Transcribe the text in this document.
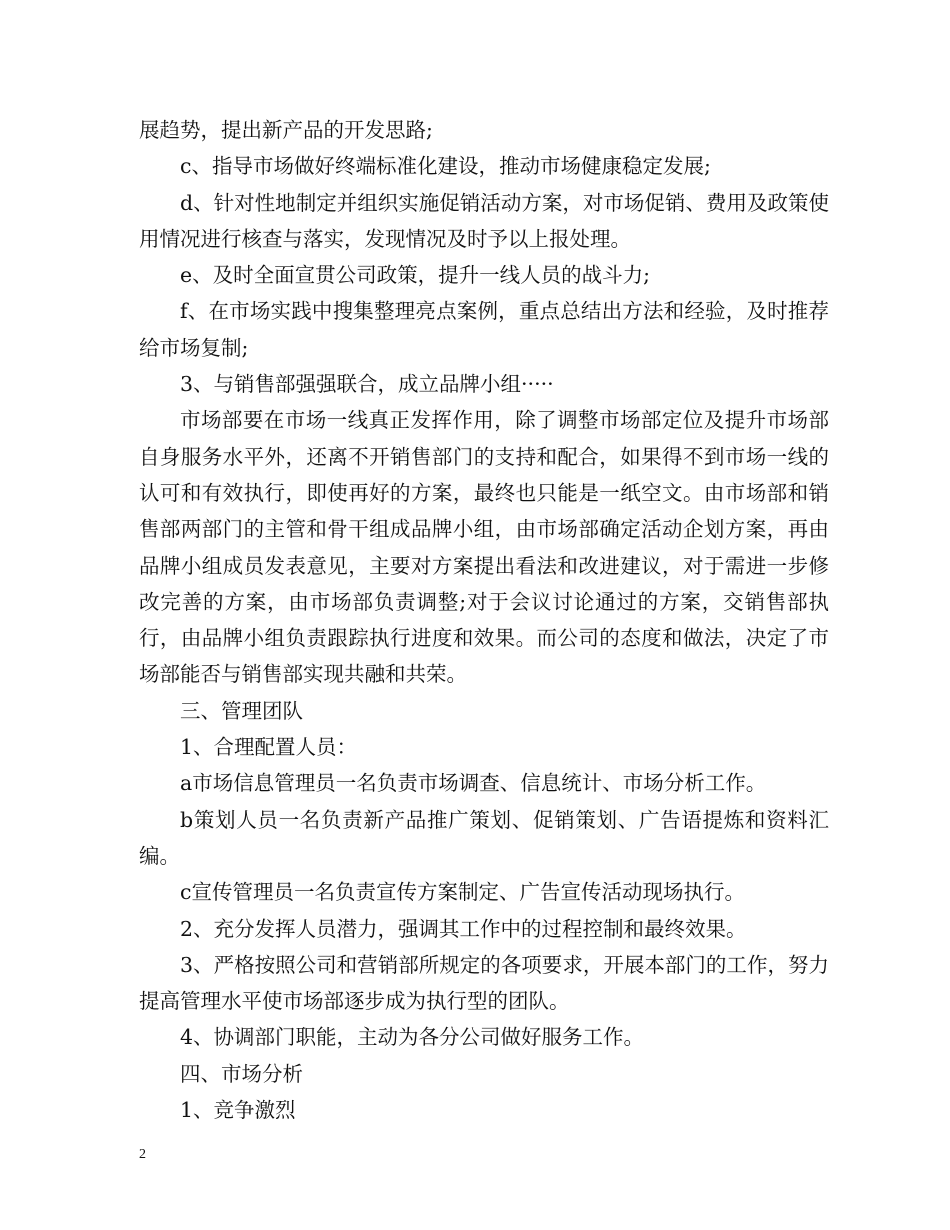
展趋势，提出新产品的开发思路;

c、指导市场做好终端标准化建设，推动市场健康稳定发展;

d、针对性地制定并组织实施促销活动方案，对市场促销、费用及政策使用情况进行核查与落实，发现情况及时予以上报处理。

e、及时全面宣贯公司政策，提升一线人员的战斗力;

f、在市场实践中搜集整理亮点案例，重点总结出方法和经验，及时推荐给市场复制;

3、与销售部强强联合，成立品牌小组·····

市场部要在市场一线真正发挥作用，除了调整市场部定位及提升市场部自身服务水平外，还离不开销售部门的支持和配合，如果得不到市场一线的认可和有效执行，即使再好的方案，最终也只能是一纸空文。由市场部和销售部两部门的主管和骨干组成品牌小组，由市场部确定活动企划方案，再由品牌小组成员发表意见，主要对方案提出看法和改进建议，对于需进一步修改完善的方案，由市场部负责调整;对于会议讨论通过的方案，交销售部执行，由品牌小组负责跟踪执行进度和效果。而公司的态度和做法，决定了市场部能否与销售部实现共融和共荣。

三、管理团队

1、合理配置人员：

a市场信息管理员一名负责市场调查、信息统计、市场分析工作。

b策划人员一名负责新产品推广策划、促销策划、广告语提炼和资料汇编。

c宣传管理员一名负责宣传方案制定、广告宣传活动现场执行。

2、充分发挥人员潜力，强调其工作中的过程控制和最终效果。

3、严格按照公司和营销部所规定的各项要求，开展本部门的工作，努力提高管理水平使市场部逐步成为执行型的团队。

4、协调部门职能，主动为各分公司做好服务工作。

四、市场分析

1、竞争激烈

2
